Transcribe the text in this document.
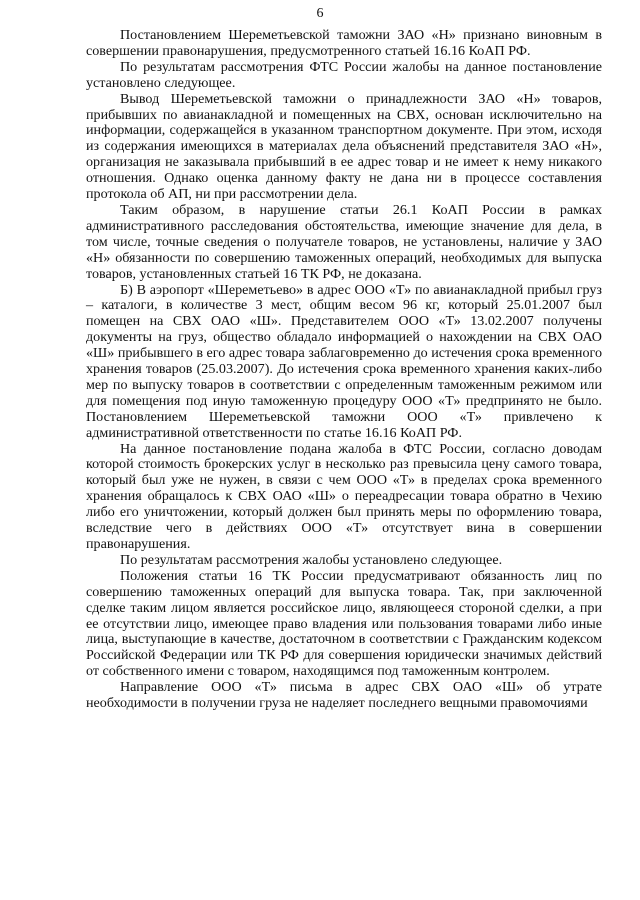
6

Постановлением Шереметьевской таможни ЗАО «Н» признано виновным в совершении правонарушения, предусмотренного статьей 16.16 КоАП РФ.

По результатам рассмотрения ФТС России жалобы на данное постановление установлено следующее.

Вывод Шереметьевской таможни о принадлежности ЗАО «Н» товаров, прибывших по авианакладной и помещенных на СВХ, основан исключительно на информации, содержащейся в указанном транспортном документе. При этом, исходя из содержания имеющихся в материалах дела объяснений представителя ЗАО «Н», организация не заказывала прибывший в ее адрес товар и не имеет к нему никакого отношения. Однако оценка данному факту не дана ни в процессе составления протокола об АП, ни при рассмотрении дела.

Таким образом, в нарушение статьи 26.1 КоАП России в рамках административного расследования обстоятельства, имеющие значение для дела, в том числе, точные сведения о получателе товаров, не установлены, наличие у ЗАО «Н» обязанности по совершению таможенных операций, необходимых для выпуска товаров, установленных статьей 16 ТК РФ, не доказана.

Б) В аэропорт «Шереметьево» в адрес ООО «Т» по авианакладной прибыл груз – каталоги, в количестве 3 мест, общим весом 96 кг, который 25.01.2007 был помещен на СВХ ОАО «Ш». Представителем ООО «Т» 13.02.2007 получены документы на груз, общество обладало информацией о нахождении на СВХ ОАО «Ш» прибывшего в его адрес товара заблаговременно до истечения срока временного хранения товаров (25.03.2007). До истечения срока временного хранения каких-либо мер по выпуску товаров в соответствии с определенным таможенным режимом или для помещения под иную таможенную процедуру ООО «Т» предпринято не было. Постановлением Шереметьевской таможни ООО «Т» привлечено к административной ответственности по статье 16.16 КоАП РФ.

На данное постановление подана жалоба в ФТС России, согласно доводам которой стоимость брокерских услуг в несколько раз превысила цену самого товара, который был уже не нужен, в связи с чем ООО «Т» в пределах срока временного хранения обращалось к СВХ ОАО «Ш» о переадресации товара обратно в Чехию либо его уничтожении, который должен был принять меры по оформлению товара, вследствие чего в действиях ООО «Т» отсутствует вина в совершении правонарушения.

По результатам рассмотрения жалобы установлено следующее.

Положения статьи 16 ТК России предусматривают обязанность лиц по совершению таможенных операций для выпуска товара. Так, при заключенной сделке таким лицом является российское лицо, являющееся стороной сделки, а при ее отсутствии лицо, имеющее право владения или пользования товарами либо иные лица, выступающие в качестве, достаточном в соответствии с Гражданским кодексом Российской Федерации или ТК РФ для совершения юридически значимых действий от собственного имени с товаром, находящимся под таможенным контролем.

Направление ООО «Т» письма в адрес СВХ ОАО «Ш» об утрате необходимости в получении груза не наделяет последнего вещными правомочиями
